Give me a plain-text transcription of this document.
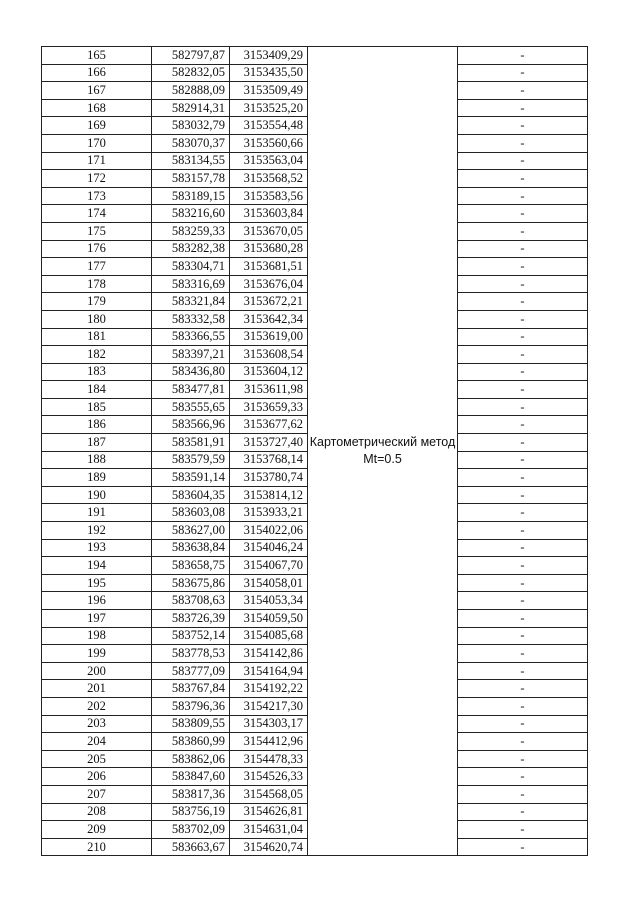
165	582797,87	3153409,29	Картометрический метод Mt=0.5	-
166	582832,05	3153435,50		-
167	582888,09	3153509,49		-
168	582914,31	3153525,20		-
169	583032,79	3153554,48		-
170	583070,37	3153560,66		-
171	583134,55	3153563,04		-
172	583157,78	3153568,52		-
173	583189,15	3153583,56		-
174	583216,60	3153603,84		-
175	583259,33	3153670,05		-
176	583282,38	3153680,28		-
177	583304,71	3153681,51		-
178	583316,69	3153676,04		-
179	583321,84	3153672,21		-
180	583332,58	3153642,34		-
181	583366,55	3153619,00		-
182	583397,21	3153608,54		-
183	583436,80	3153604,12		-
184	583477,81	3153611,98		-
185	583555,65	3153659,33		-
186	583566,96	3153677,62		-
187	583581,91	3153727,40		-
188	583579,59	3153768,14		-
189	583591,14	3153780,74		-
190	583604,35	3153814,12		-
191	583603,08	3153933,21		-
192	583627,00	3154022,06		-
193	583638,84	3154046,24		-
194	583658,75	3154067,70		-
195	583675,86	3154058,01		-
196	583708,63	3154053,34		-
197	583726,39	3154059,50		-
198	583752,14	3154085,68		-
199	583778,53	3154142,86		-
200	583777,09	3154164,94		-
201	583767,84	3154192,22		-
202	583796,36	3154217,30		-
203	583809,55	3154303,17		-
204	583860,99	3154412,96		-
205	583862,06	3154478,33		-
206	583847,60	3154526,33		-
207	583817,36	3154568,05		-
208	583756,19	3154626,81		-
209	583702,09	3154631,04		-
210	583663,67	3154620,74		-
